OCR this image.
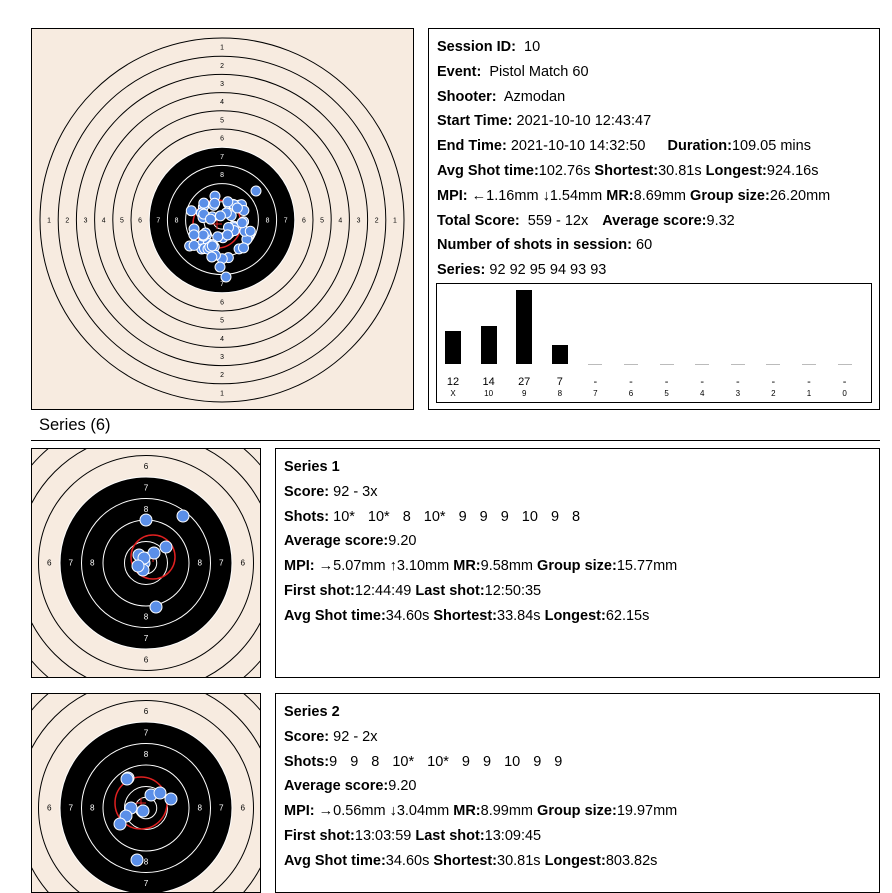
1
1
1	1
2
2
2	2
3
3
3	3
4
4
4	4
5
5
5	5
6
6
6	6
7
7
7	7
8
8	8
Session ID: 10
Event: Pistol Match 60
Shooter: Azmodan
Start Time: 2021-10-10 12:43:47
End Time: 2021-10-10 14:32:50 Duration:109.05 mins
Avg Shot time:102.76s Shortest:30.81s Longest:924.16s
MPI: ←1.16mm ↓1.54mm MR:8.69mm Group size:26.20mm
Total Score: 559 - 12x Average score:9.32
Number of shots in session: 60
Series: 92 92 95 94 93 93
12
X
14
10
27
9
7
8
-
7
-
6
-
5
-
4
-
3
-
2
-
1
-
0
Series (6)
6
6
6	6
7
7
7	7
8
8
8	8
Series 1
Score: 92 - 3x
Shots: 10* 10* 8 10* 9 9 9 10 9 8
Average score:9.20
MPI: →5.07mm ↑3.10mm MR:9.58mm Group size:15.77mm
First shot:12:44:49 Last shot:12:50:35
Avg Shot time:34.60s Shortest:33.84s Longest:62.15s
6
6	6
7
7
7	7
8
8
8	8
Series 2
Score: 92 - 2x
Shots:9 9 8 10* 10* 9 9 10 9 9
Average score:9.20
MPI: →0.56mm ↓3.04mm MR:8.99mm Group size:19.97mm
First shot:13:03:59 Last shot:13:09:45
Avg Shot time:34.60s Shortest:30.81s Longest:803.82s
